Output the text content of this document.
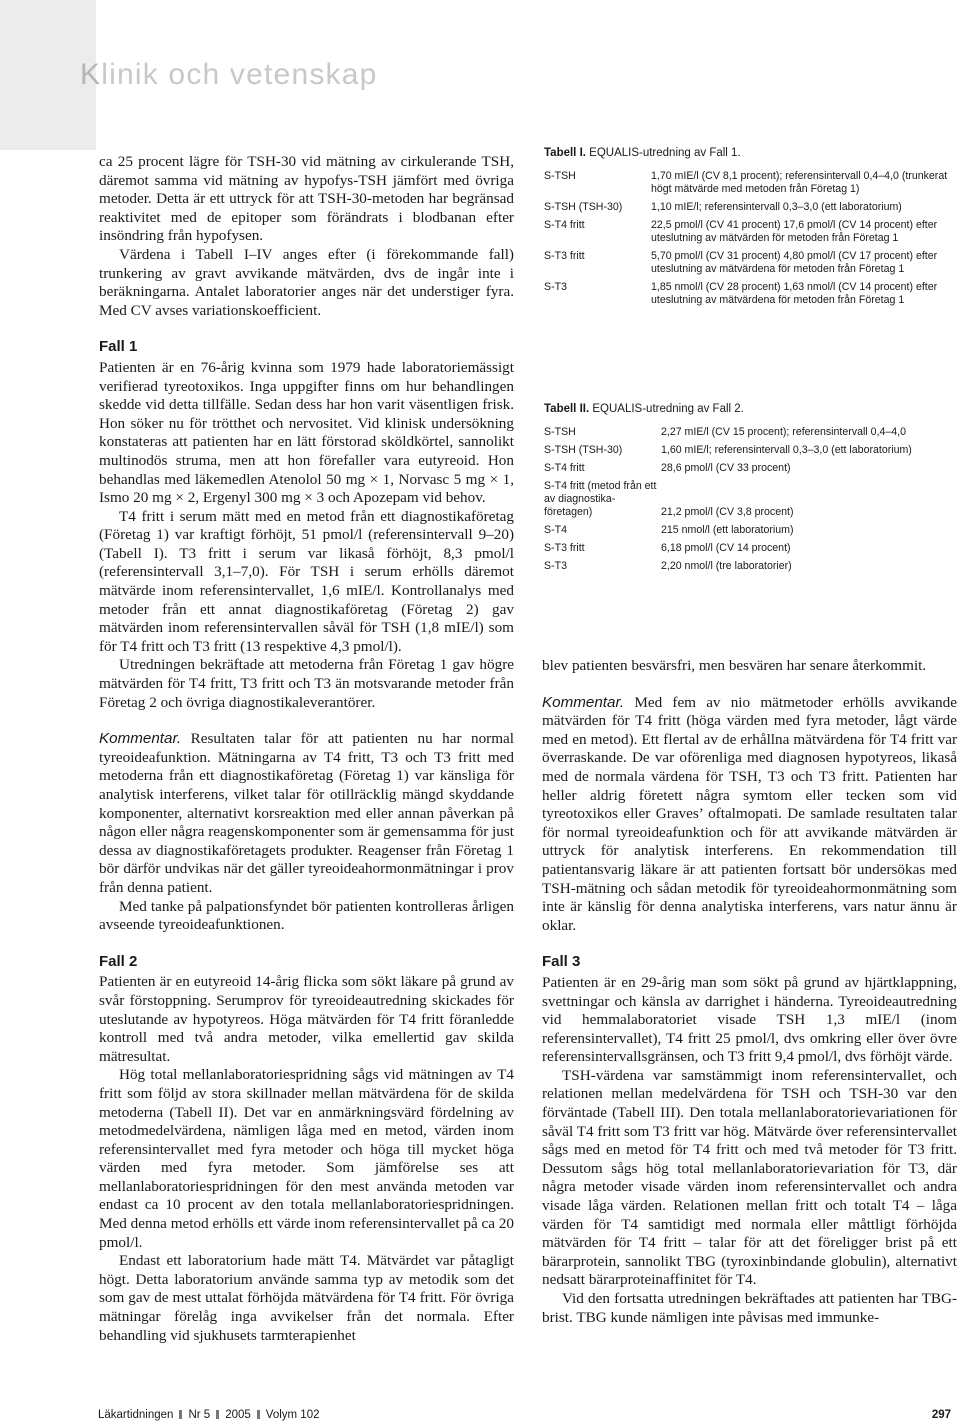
Klinik och vetenskap

ca 25 procent lägre för TSH-30 vid mätning av cirkulerande TSH, däremot samma vid mätning av hypofys-TSH jämfört med övriga metoder. Detta är ett uttryck för att TSH-30-metoden har begränsad reaktivitet med de epitoper som förändrats i blodbanan efter insöndring från hypofysen.

Värdena i Tabell I–IV anges efter (i förekommande fall) trunkering av gravt avvikande mätvärden, dvs de ingår inte i beräkningarna. Antalet laboratorier anges när det understiger fyra. Med CV avses variationskoefficient.

Fall 1

Patienten är en 76-årig kvinna som 1979 hade laboratoriemässigt verifierad tyreotoxikos. Inga uppgifter finns om hur behandlingen skedde vid detta tillfälle. Sedan dess har hon varit väsentligen frisk. Hon söker nu för trötthet och nervositet. Vid klinisk undersökning konstateras att patienten har en lätt förstorad sköldkörtel, sannolikt multinodös struma, men att hon förefaller vara eutyreoid. Hon behandlas med läkemedlen Atenolol 50 mg × 1, Norvasc 5 mg × 1, Ismo 20 mg × 2, Ergenyl 300 mg × 3 och Apozepam vid behov.

T4 fritt i serum mätt med en metod från ett diagnostikaföretag (Företag 1) var kraftigt förhöjt, 51 pmol/l (referensintervall 9–20) (Tabell I). T3 fritt i serum var likaså förhöjt, 8,3 pmol/l (referensintervall 3,1–7,0). För TSH i serum erhölls däremot mätvärde inom referensintervallet, 1,6 mIE/l. Kontrollanalys med metoder från ett annat diagnostikaföretag (Företag 2) gav mätvärden inom referensintervallen såväl för TSH (1,8 mIE/l) som för T4 fritt och T3 fritt (13 respektive 4,3 pmol/l).

Utredningen bekräftade att metoderna från Företag 1 gav högre mätvärden för T4 fritt, T3 fritt och T3 än motsvarande metoder från Företag 2 och övriga diagnostikaleverantörer.

Kommentar. Resultaten talar för att patienten nu har normal tyreoideafunktion. Mätningarna av T4 fritt, T3 och T3 fritt med metoderna från ett diagnostikaföretag (Företag 1) var känsliga för analytisk interferens, vilket talar för otillräcklig mängd skyddande komponenter, alternativt korsreaktion med eller annan påverkan på någon eller några reagenskomponenter som är gemensamma för just dessa av diagnostikaföretagets produkter. Reagenser från Företag 1 bör därför undvikas när det gäller tyreoideahormonmätningar i prov från denna patient.

Med tanke på palpationsfyndet bör patienten kontrolleras årligen avseende tyreoideafunktionen.

Fall 2

Patienten är en eutyreoid 14-årig flicka som sökt läkare på grund av svår förstoppning. Serumprov för tyreoideautredning skickades för uteslutande av hypotyreos. Höga mätvärden för T4 fritt föranledde kontroll med två andra metoder, vilka emellertid gav skilda mätresultat.

Hög total mellanlaboratoriespridning sågs vid mätningen av T4 fritt som följd av stora skillnader mellan mätvärdena för de skilda metoderna (Tabell II). Det var en anmärkningsvärd fördelning av metodmedelvärdena, nämligen låga med en metod, värden inom referensintervallet med fyra metoder och höga till mycket höga värden med fyra metoder. Som jämförelse ses att mellanlaboratoriespridningen för den mest använda metoden var endast ca 10 procent av den totala mellanlaboratoriespridningen. Med denna metod erhölls ett värde inom referensintervallet på ca 20 pmol/l.

Endast ett laboratorium hade mätt T4. Mätvärdet var påtagligt högt. Detta laboratorium använde samma typ av metodik som det som gav de mest uttalat förhöjda mätvärdena för T4 fritt. För övriga mätningar förelåg inga avvikelser från det normala. Efter behandling vid sjukhusets tarmterapienhet

Tabell I. EQUALIS-utredning av Fall 1.
S-TSH	1,70 mIE/l (CV 8,1 procent); referensintervall 0,4–4,0 (trunkerat högt mätvärde med metoden från Företag 1)
S-TSH (TSH-30)	1,10 mIE/l; referensintervall 0,3–3,0 (ett laboratorium)
S-T4 fritt	22,5 pmol/l (CV 41 procent) 17,6 pmol/l (CV 14 procent) efter uteslutning av mätvärden för metoden från Företag 1
S-T3 fritt	5,70 pmol/l (CV 31 procent) 4,80 pmol/l (CV 17 procent) efter uteslutning av mätvärdena för metoden från Företag 1
S-T3	1,85 nmol/l (CV 28 procent) 1,63 nmol/l (CV 14 procent) efter uteslutning av mätvärdena för metoden från Företag 1
Tabell II. EQUALIS-utredning av Fall 2.
S-TSH	2,27 mIE/l (CV 15 procent); referensintervall 0,4–4,0
S-TSH (TSH-30)	1,60 mIE/l; referensintervall 0,3–3,0 (ett laboratorium)
S-T4 fritt	28,6 pmol/l (CV 33 procent)
S-T4 fritt (metod från ett av diagnostika-företagen)	21,2 pmol/l (CV 3,8 procent)
S-T4	215 nmol/l (ett laboratorium)
S-T3 fritt	6,18 pmol/l (CV 14 procent)
S-T3	2,20 nmol/l (tre laboratorier)

blev patienten besvärsfri, men besvären har senare återkommit.

Kommentar. Med fem av nio mätmetoder erhölls avvikande mätvärden för T4 fritt (höga värden med fyra metoder, lågt värde med en metod). Ett flertal av de erhållna mätvärdena för T4 fritt var överraskande. De var oförenliga med diagnosen hypotyreos, likaså med de normala värdena för TSH, T3 och T3 fritt. Patienten har heller aldrig företett några symtom eller tecken som vid tyreotoxikos eller Graves’ oftalmopati. De samlade resultaten talar för normal tyreoideafunktion och för att avvikande mätvärden är uttryck för analytisk interferens. En rekommendation till patientansvarig läkare är att patienten fortsatt bör undersökas med TSH-mätning och sådan metodik för tyreoideahormonmätning som inte är känslig för denna analytiska interferens, vars natur ännu är oklar.

Fall 3

Patienten är en 29-årig man som sökt på grund av hjärtklappning, svettningar och känsla av darrighet i händerna. Tyreoideautredning vid hemmalaboratoriet visade TSH 1,3 mIE/l (inom referensintervallet), T4 fritt 25 pmol/l, dvs omkring eller över övre referensintervallsgränsen, och T3 fritt 9,4 pmol/l, dvs förhöjt värde.

TSH-värdena var samstämmigt inom referensintervallet, och relationen mellan medelvärdena för TSH och TSH-30 var den förväntade (Tabell III). Den totala mellanlaboratorievariationen för såväl T4 fritt som T3 fritt var hög. Mätvärde över referensintervallet sågs med en metod för T4 fritt och med två metoder för T3 fritt. Dessutom sågs hög total mellanlaboratorievariation för T3, där några metoder visade värden inom referensintervallet och andra visade låga värden. Relationen mellan fritt och totalt T4 – låga värden för T4 samtidigt med normala eller måttligt förhöjda mätvärden för T4 fritt – talar för att det föreligger brist på ett bärarprotein, sannolikt TBG (tyroxinbindande globulin), alternativt nedsatt bärarproteinaffinitet för T4.

Vid den fortsatta utredningen bekräftades att patienten har TBG-brist. TBG kunde nämligen inte påvisas med immunke-

Läkartidningen Nr 5 2005 Volym 102	297
